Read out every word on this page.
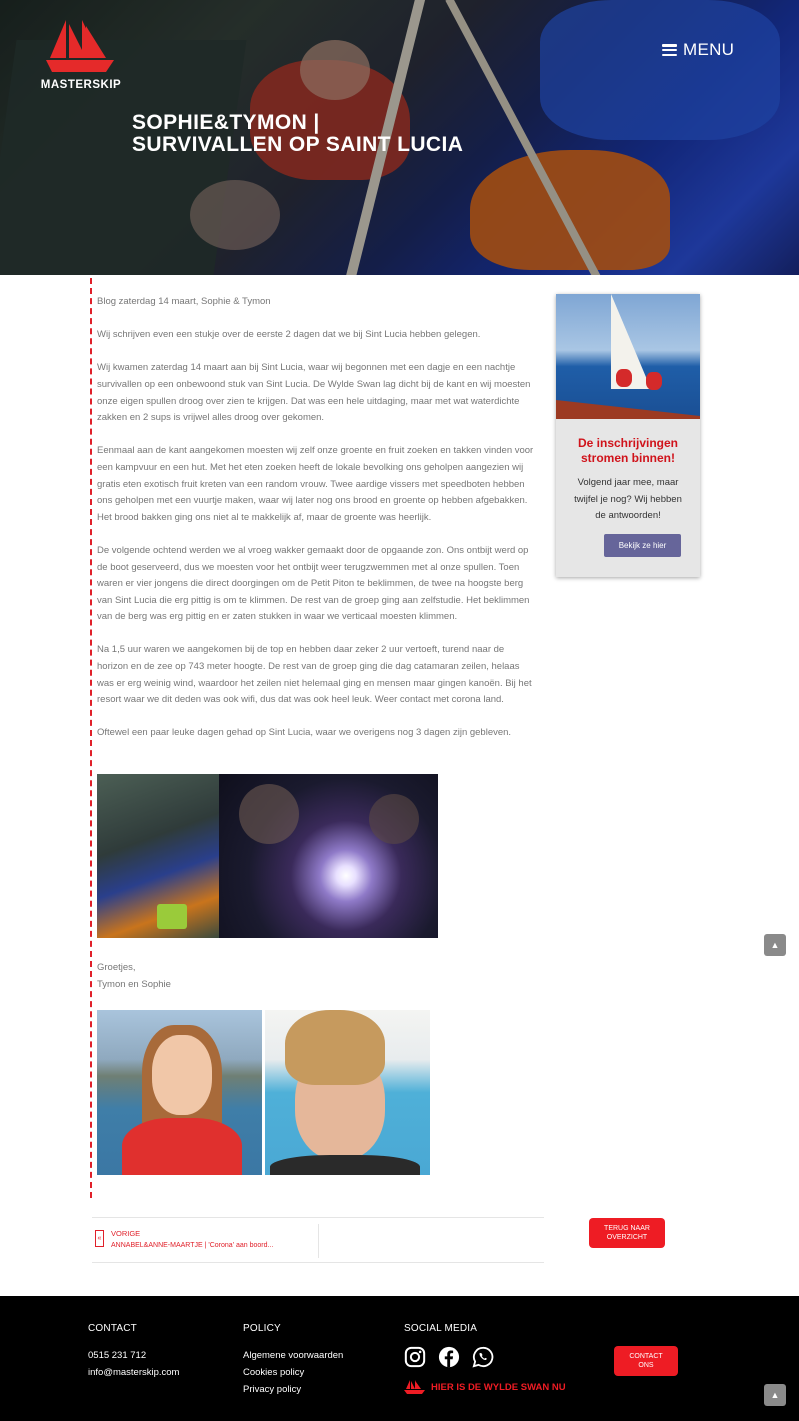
MASTERSKIP
MENU
SOPHIE&TYMON |
SURVIVALLEN OP SAINT LUCIA

Blog zaterdag 14 maart, Sophie & Tymon

Wij schrijven even een stukje over de eerste 2 dagen dat we bij Sint Lucia hebben gelegen.

Wij kwamen zaterdag 14 maart aan bij Sint Lucia, waar wij begonnen met een dagje en een nachtje survivallen op een onbewoond stuk van Sint Lucia. De Wylde Swan lag dicht bij de kant en wij moesten onze eigen spullen droog over zien te krijgen. Dat was een hele uitdaging, maar met wat waterdichte zakken en 2 sups is vrijwel alles droog over gekomen.

Eenmaal aan de kant aangekomen moesten wij zelf onze groente en fruit zoeken en takken vinden voor een kampvuur en een hut. Met het eten zoeken heeft de lokale bevolking ons geholpen aangezien wij gratis eten exotisch fruit kreten van een random vrouw. Twee aardige vissers met speedboten hebben ons geholpen met een vuurtje maken, waar wij later nog ons brood en groente op hebben afgebakken. Het brood bakken ging ons niet al te makkelijk af, maar de groente was heerlijk.

De volgende ochtend werden we al vroeg wakker gemaakt door de opgaande zon. Ons ontbijt werd op de boot geserveerd, dus we moesten voor het ontbijt weer terugzwemmen met al onze spullen. Toen waren er vier jongens die direct doorgingen om de Petit Piton te beklimmen, de twee na hoogste berg van Sint Lucia die erg pittig is om te klimmen. De rest van de groep ging aan zelfstudie. Het beklimmen van de berg was erg pittig en er zaten stukken in waar we verticaal moesten klimmen.

Na 1,5 uur waren we aangekomen bij de top en hebben daar zeker 2 uur vertoeft, turend naar de horizon en de zee op 743 meter hoogte. De rest van de groep ging die dag catamaran zeilen, helaas was er erg weinig wind, waardoor het zeilen niet helemaal ging en mensen maar gingen kanoën. Bij het resort waar we dit deden was ook wifi, dus dat was ook heel leuk. Weer contact met corona land.

Oftewel een paar leuke dagen gehad op Sint Lucia, waar we overigens nog 3 dagen zijn gebleven.

Groetjes,
Tymon en Sophie
De inschrijvingen stromen binnen!
Volgend jaar mee, maar twijfel je nog? Wij hebben de antwoorden!
Bekijk ze hier
«
VORIGE
ANNABEL&ANNE-MAARTJE | 'Corona' aan boord...
TERUG NAAR
OVERZICHT
▲
CONTACT
0515 231 712
info@masterskip.com
POLICY
Algemene voorwaarden
Cookies policy
Privacy policy
SOCIAL MEDIA
HIER IS DE WYLDE SWAN NU
CONTACT
ONS
▲
